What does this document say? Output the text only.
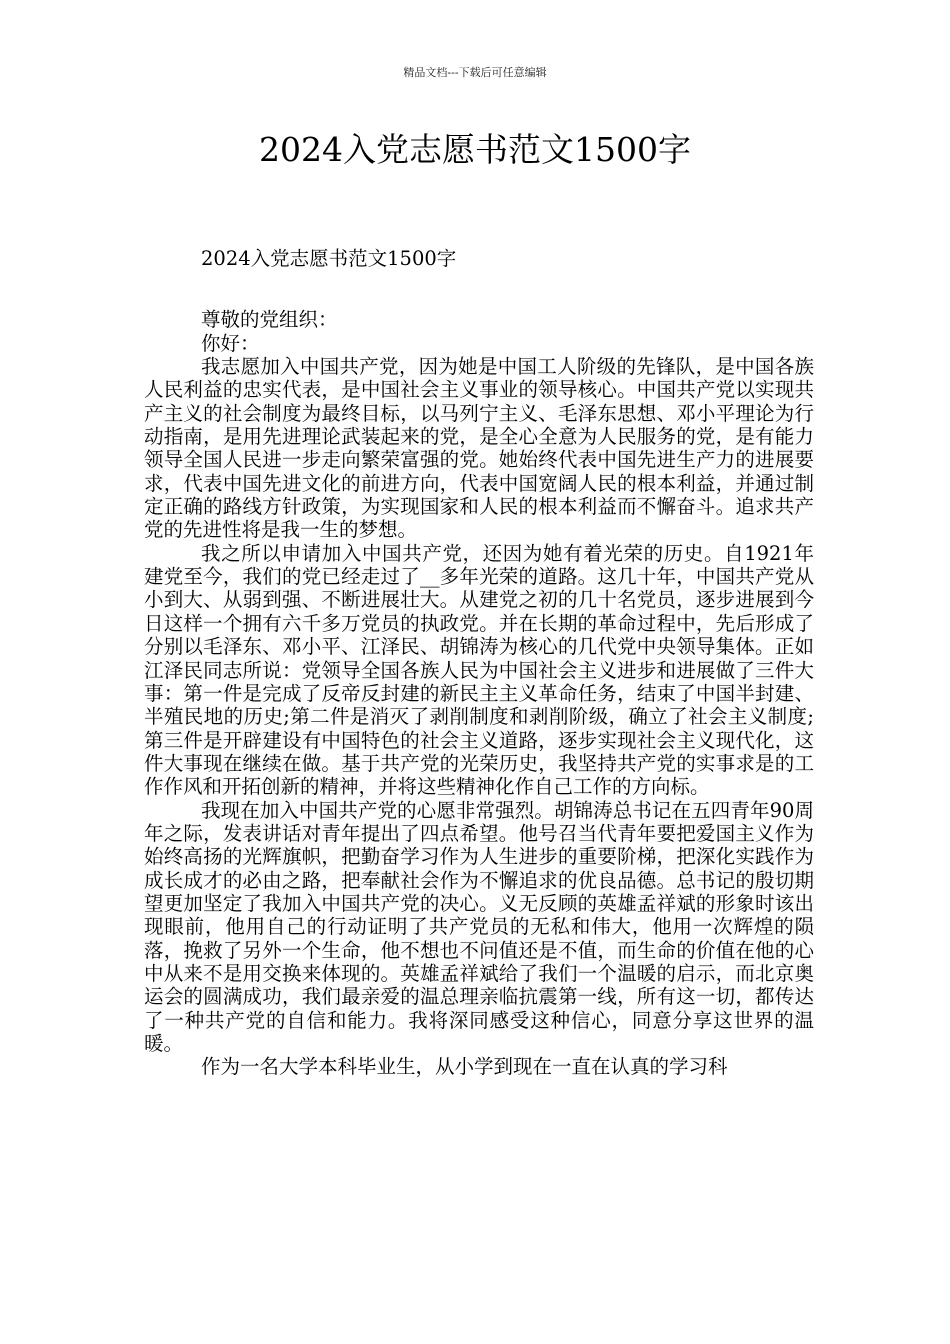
精品文档---下载后可任意编辑
2024入党志愿书范文1500字

2024入党志愿书范文1500字

尊敬的党组织：

你好：

我志愿加入中国共产党，因为她是中国工人阶级的先锋队，是中国各族人民利益的忠实代表，是中国社会主义事业的领导核心。中国共产党以实现共产主义的社会制度为最终目标，以马列宁主义、毛泽东思想、邓小平理论为行动指南，是用先进理论武装起来的党，是全心全意为人民服务的党，是有能力领导全国人民进一步走向繁荣富强的党。她始终代表中国先进生产力的进展要求，代表中国先进文化的前进方向，代表中国宽阔人民的根本利益，并通过制定正确的路线方针政策，为实现国家和人民的根本利益而不懈奋斗。追求共产党的先进性将是我一生的梦想。

我之所以申请加入中国共产党，还因为她有着光荣的历史。自1921年建党至今，我们的党已经走过了__多年光荣的道路。这几十年，中国共产党从小到大、从弱到强、不断进展壮大。从建党之初的几十名党员，逐步进展到今日这样一个拥有六千多万党员的执政党。并在长期的革命过程中，先后形成了分别以毛泽东、邓小平、江泽民、胡锦涛为核心的几代党中央领导集体。正如江泽民同志所说：党领导全国各族人民为中国社会主义进步和进展做了三件大事：第一件是完成了反帝反封建的新民主主义革命任务，结束了中国半封建、半殖民地的历史;第二件是消灭了剥削制度和剥削阶级，确立了社会主义制度;第三件是开辟建设有中国特色的社会主义道路，逐步实现社会主义现代化，这件大事现在继续在做。基于共产党的光荣历史，我坚持共产党的实事求是的工作作风和开拓创新的精神，并将这些精神化作自己工作的方向标。

我现在加入中国共产党的心愿非常强烈。胡锦涛总书记在五四青年90周年之际，发表讲话对青年提出了四点希望。他号召当代青年要把爱国主义作为始终高扬的光辉旗帜，把勤奋学习作为人生进步的重要阶梯，把深化实践作为成长成才的必由之路，把奉献社会作为不懈追求的优良品德。总书记的殷切期望更加坚定了我加入中国共产党的决心。义无反顾的英雄孟祥斌的形象时该出现眼前，他用自己的行动证明了共产党员的无私和伟大，他用一次辉煌的陨落，挽救了另外一个生命，他不想也不问值还是不值，而生命的价值在他的心中从来不是用交换来体现的。英雄孟祥斌给了我们一个温暖的启示，而北京奥运会的圆满成功，我们最亲爱的温总理亲临抗震第一线，所有这一切，都传达了一种共产党的自信和能力。我将深同感受这种信心，同意分享这世界的温暖。

作为一名大学本科毕业生，从小学到现在一直在认真的学习科
